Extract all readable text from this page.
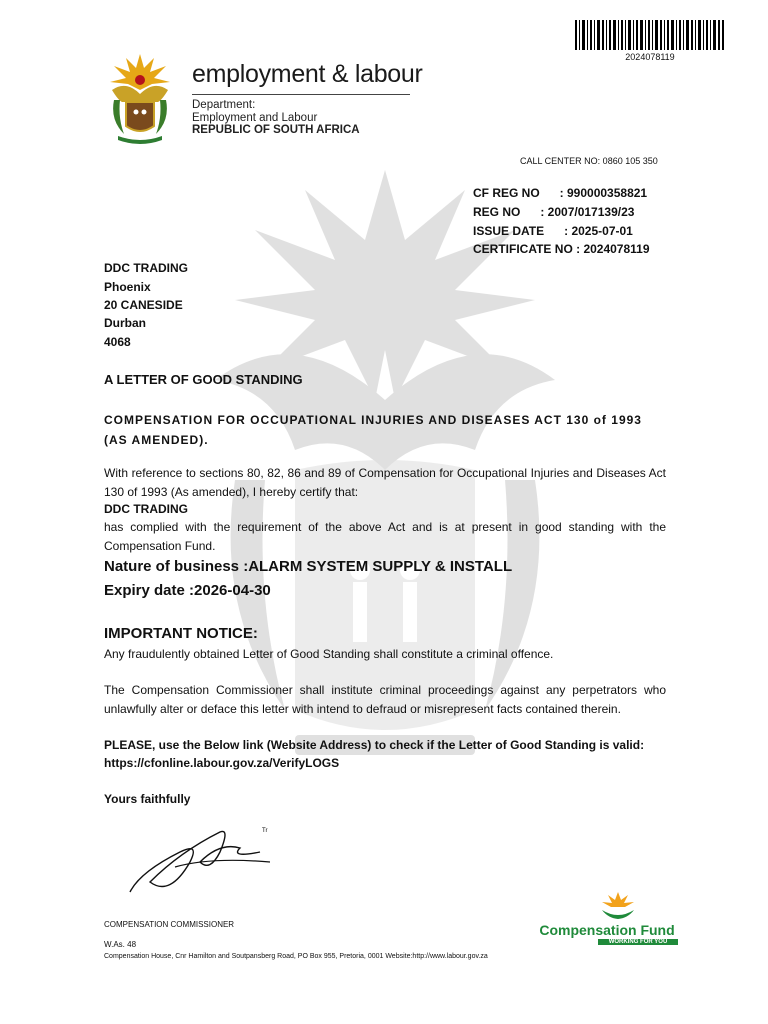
2024078119
employment & labour
Department:
Employment and Labour
REPUBLIC OF SOUTH AFRICA
CALL CENTER NO: 0860 105 350
CF REG NO      : 990000358821
REG NO      : 2007/017139/23
ISSUE DATE      : 2025-07-01
CERTIFICATE NO : 2024078119
DDC TRADING
Phoenix
20 CANESIDE
Durban
4068
A LETTER OF GOOD STANDING
COMPENSATION FOR OCCUPATIONAL INJURIES AND DISEASES ACT 130 of 1993 (AS AMENDED).
With reference to sections 80, 82, 86 and 89 of Compensation for Occupational Injuries and Diseases Act 130 of 1993 (As amended), I hereby certify that:
DDC TRADING
has complied with the requirement of the above Act and is at present in good standing with the Compensation Fund.
Nature of business :ALARM SYSTEM SUPPLY & INSTALL
Expiry date :2026-04-30
IMPORTANT NOTICE:
Any fraudulently obtained Letter of Good Standing shall constitute a criminal offence.
The Compensation Commissioner shall institute criminal proceedings against any perpetrators who unlawfully alter or deface this letter with intend to defraud or misrepresent facts contained therein.
PLEASE, use the Below link (Website Address) to check if the Letter of Good Standing is valid:
https://cfonline.labour.gov.za/VerifyLOGS
Yours faithfully
Tr
COMPENSATION COMMISSIONER
W.As. 48
Compensation House, Cnr Hamilton and Soutpansberg Road, PO Box 955, Pretoria, 0001 Website:http://www.labour.gov.za
Compensation Fund
WORKING FOR YOU
